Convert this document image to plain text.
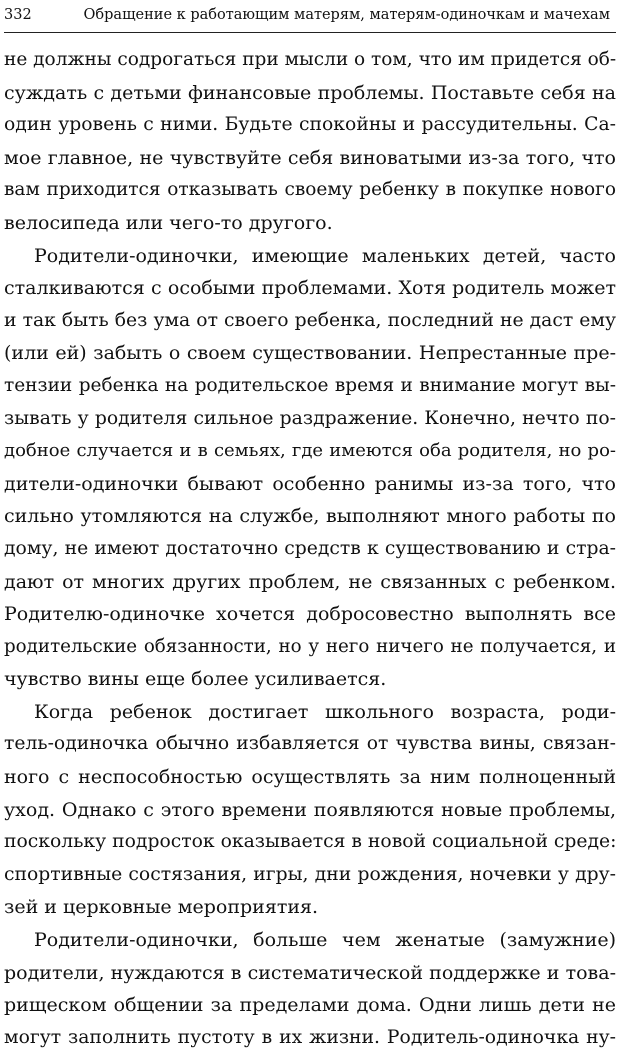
332	Обращение к работающим матерям, матерям-одиночкам и мачехам
не должны содрогаться при мысли о том, что им придется об-
суждать с детьми финансовые проблемы. Поставьте себя на
один уровень с ними. Будьте спокойны и рассудительны. Са-
мое главное, не чувствуйте себя виноватыми из-за того, что
вам приходится отказывать своему ребенку в покупке нового
велосипеда или чего-то другого.
Родители-одиночки, имеющие маленьких детей, часто
сталкиваются с особыми проблемами. Хотя родитель может
и так быть без ума от своего ребенка, последний не даст ему
(или ей) забыть о своем существовании. Непрестанные пре-
тензии ребенка на родительское время и внимание могут вы-
зывать у родителя сильное раздражение. Конечно, нечто по-
добное случается и в семьях, где имеются оба родителя, но ро-
дители-одиночки бывают особенно ранимы из-за того, что
сильно утомляются на службе, выполняют много работы по
дому, не имеют достаточно средств к существованию и стра-
дают от многих других проблем, не связанных с ребенком.
Родителю-одиночке хочется добросовестно выполнять все
родительские обязанности, но у него ничего не получается, и
чувство вины еще более усиливается.
Когда ребенок достигает школьного возраста, роди-
тель-одиночка обычно избавляется от чувства вины, связан-
ного с неспособностью осуществлять за ним полноценный
уход. Однако с этого времени появляются новые проблемы,
поскольку подросток оказывается в новой социальной среде:
спортивные состязания, игры, дни рождения, ночевки у дру-
зей и церковные мероприятия.
Родители-одиночки, больше чем женатые (замужние)
родители, нуждаются в систематической поддержке и това-
рищеском общении за пределами дома. Одни лишь дети не
могут заполнить пустоту в их жизни. Родитель-одиночка ну-
